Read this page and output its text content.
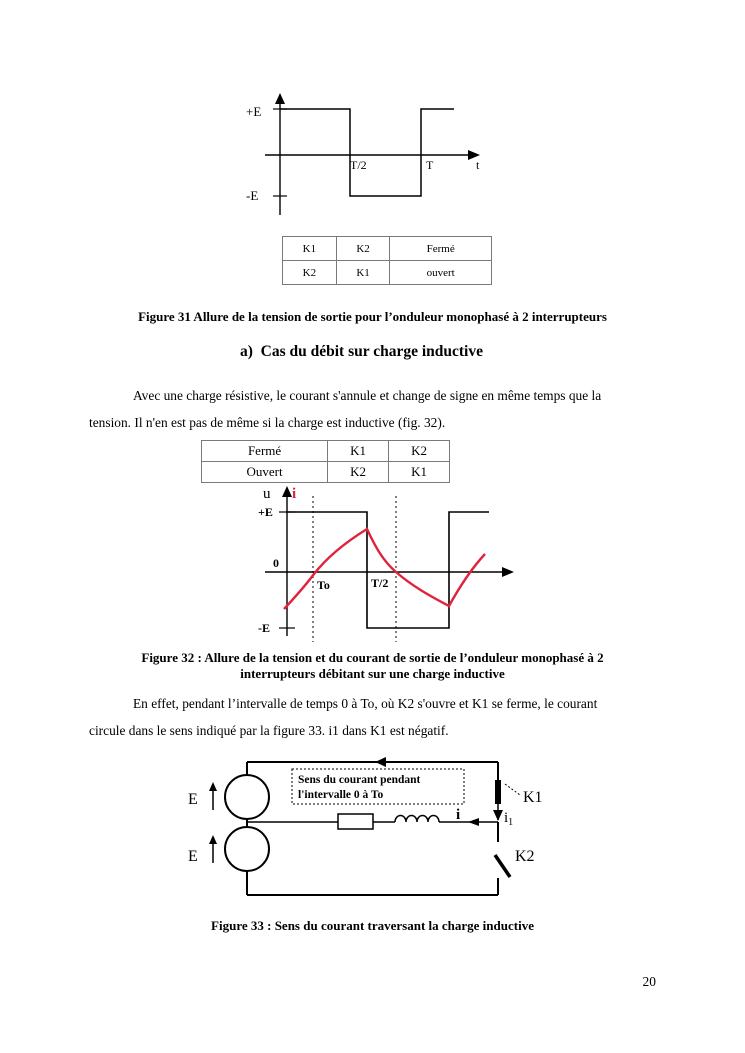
+E
-E
T/2	T	t
K1	K2	Fermé
K2	K1	ouvert
Figure 31 Allure de la tension de sortie pour l’onduleur monophasé à 2 interrupteurs
a)  Cas du débit sur charge inductive
Avec une charge résistive, le courant s'annule et change de signe en même temps que la
tension. Il n'en est pas de même si la charge est inductive (fig. 32).
Fermé	K1	K2
Ouvert	K2	K1
u i
+E
0
-E
To	T/2
Figure 32 : Allure de la tension et du courant de sortie de l’onduleur monophasé à 2
interrupteurs débitant sur une charge inductive
En effet, pendant l’intervalle de temps 0 à To, où K2 s'ouvre et K1 se ferme, le courant
circule dans le sens indiqué par la figure 33. i1 dans K1 est négatif.
E
E
i
Sens du courant pendant
l'intervalle 0 à To	K1
K2
$i_1$
Figure 33 : Sens du courant traversant la charge inductive
20
